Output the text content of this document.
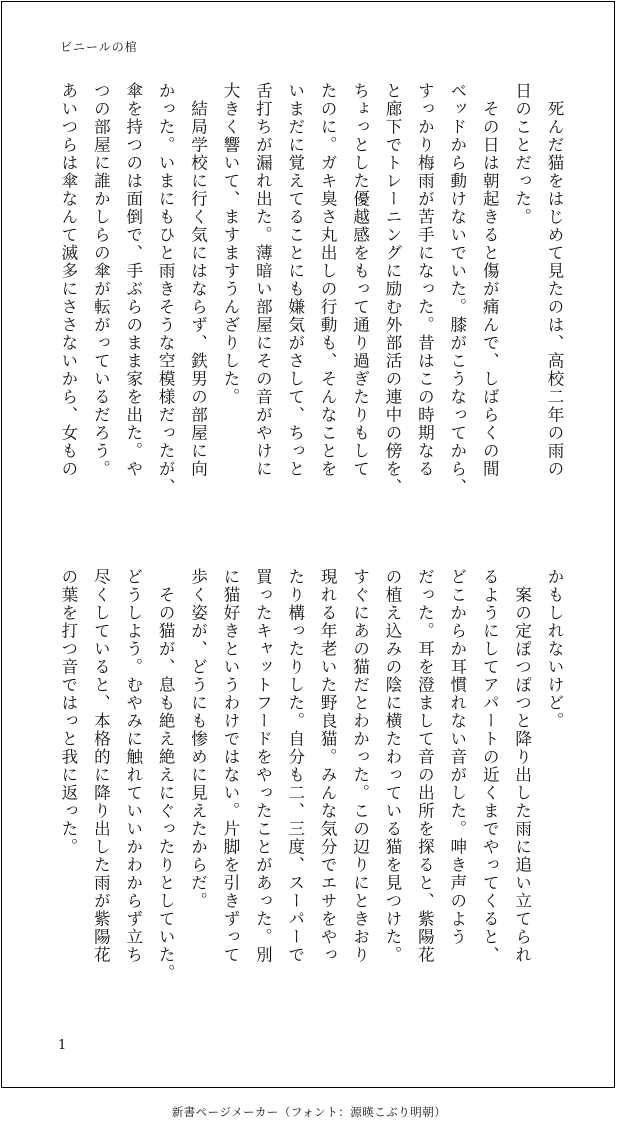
ビニールの棺
　死んだ猫をはじめて見たのは、高校二年の雨の
日のことだった。
　その日は朝起きると傷が痛んで、しばらくの間
ベッドから動けないでいた。膝がこうなってから、
すっかり梅雨が苦手になった。昔はこの時期なる
と廊下でトレーニングに励む外部活の連中の傍を、
ちょっとした優越感をもって通り過ぎたりもして
たのに。ガキ臭さ丸出しの行動も、そんなことを
いまだに覚えてることにも嫌気がさして、ちっと
舌打ちが漏れ出た。薄暗い部屋にその音がやけに
大きく響いて、ますますうんざりした。
　結局学校に行く気にはならず、鉄男の部屋に向
かった。いまにもひと雨きそうな空模様だったが、
傘を持つのは面倒で、手ぶらのまま家を出た。や
つの部屋に誰かしらの傘が転がっているだろう。
あいつらは傘なんて滅多にささないから、女もの
かもしれないけど。
　案の定ぽつぽつと降り出した雨に追い立てられ
るようにしてアパートの近くまでやってくると、
どこからか耳慣れない音がした。呻き声のよう
だった。耳を澄まして音の出所を探ると、紫陽花
の植え込みの陰に横たわっている猫を見つけた。
すぐにあの猫だとわかった。この辺りにときおり
現れる年老いた野良猫。みんな気分でエサをやっ
たり構ったりした。自分も二、三度、スーパーで
買ったキャットフードをやったことがあった。別
に猫好きというわけではない。片脚を引きずって
歩く姿が、どうにも惨めに見えたからだ。
　その猫が、息も絶え絶えにぐったりとしていた。
どうしよう。むやみに触れていいかわからず立ち
尽くしていると、本格的に降り出した雨が紫陽花
の葉を打つ音ではっと我に返った。
1
新書ページメーカー（フォント：源暎こぶり明朝）
